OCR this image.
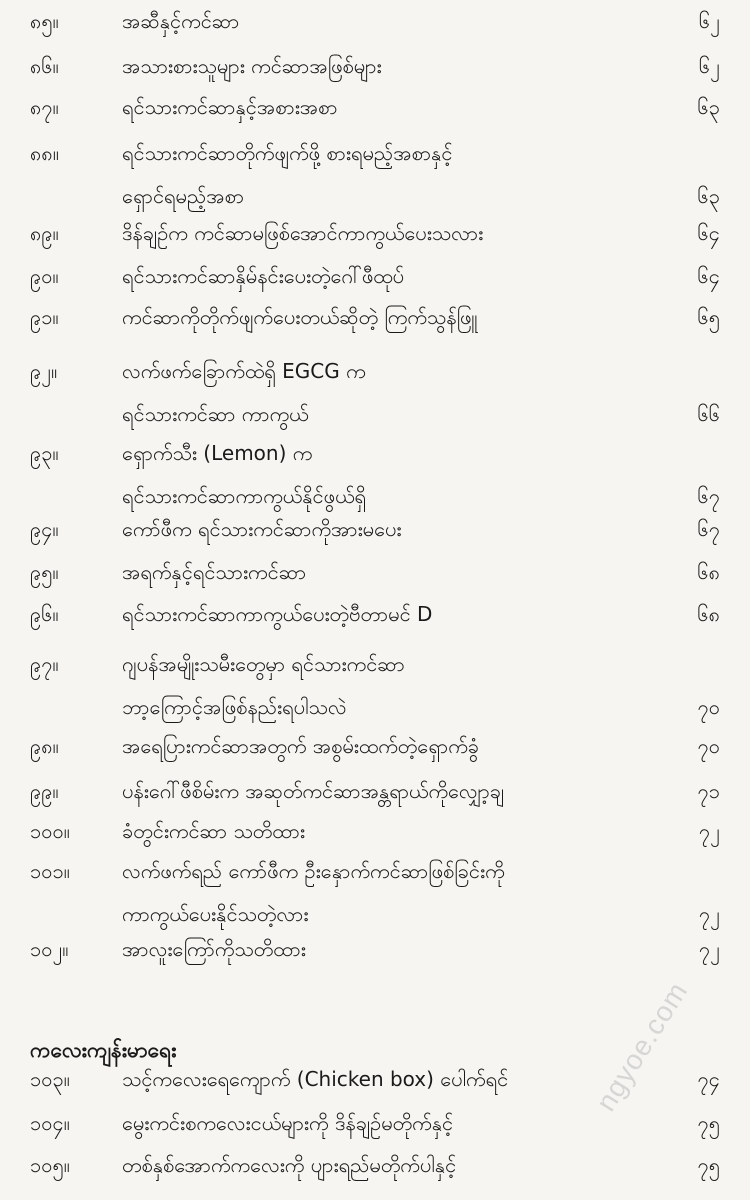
၈၅။	အဆီနှင့်ကင်ဆာ	၆၂
၈၆။	အသားစားသူများ ကင်ဆာအဖြစ်များ	၆၂
၈၇။	ရင်သားကင်ဆာနှင့်အစားအစာ	၆၃
၈၈။	ရင်သားကင်ဆာတိုက်ဖျက်ဖို့ စားရမည့်အစာနှင့်
ရှောင်ရမည့်အစာ	၆၃
၈၉။	ဒိန်ချဉ်က ကင်ဆာမဖြစ်အောင်ကာကွယ်ပေးသလား	၆၄
၉၀။	ရင်သားကင်ဆာနှိမ်နင်းပေးတဲ့ဂေါ်ဖီထုပ်	၆၄
၉၁။	ကင်ဆာကိုတိုက်ဖျက်ပေးတယ်ဆိုတဲ့ ကြက်သွန်ဖြူ	၆၅
၉၂။	လက်ဖက်ခြောက်ထဲရှိ EGCG က
ရင်သားကင်ဆာ ကာကွယ်	၆၆
၉၃။	ရှောက်သီး (Lemon) က
ရင်သားကင်ဆာကာကွယ်နိုင်ဖွယ်ရှိ	၆၇
၉၄။	ကော်ဖီက ရင်သားကင်ဆာကိုအားမပေး	၆၇
၉၅။	အရက်နှင့်ရင်သားကင်ဆာ	၆၈
၉၆။	ရင်သားကင်ဆာကာကွယ်ပေးတဲ့ဗီတာမင် D	၆၈
၉၇။	ဂျပန်အမျိုးသမီးတွေမှာ ရင်သားကင်ဆာ
ဘာ့ကြောင့်အဖြစ်နည်းရပါသလဲ	၇၀
၉၈။	အရေပြားကင်ဆာအတွက် အစွမ်းထက်တဲ့ရှောက်ခွံ	၇၀
၉၉။	ပန်းဂေါ်ဖီစိမ်းက အဆုတ်ကင်ဆာအန္တရာယ်ကိုလျှော့ချ	၇၁
၁၀၀။	ခံတွင်းကင်ဆာ သတိထား	၇၂
၁၀၁။	လက်ဖက်ရည် ကော်ဖီက ဦးနှောက်ကင်ဆာဖြစ်ခြင်းကို
ကာကွယ်ပေးနိုင်သတဲ့လား	၇၂
၁၀၂။	အာလူးကြော်ကိုသတိထား	၇၂
ကလေးကျန်းမာရေး
၁၀၃။	သင့်ကလေးရေကျောက် (Chicken box) ပေါက်ရင်	၇၄
၁၀၄။	မွေးကင်းစကလေးငယ်များကို ဒိန်ချဉ်မတိုက်နှင့်	၇၅
၁၀၅။	တစ်နှစ်အောက်ကလေးကို ပျားရည်မတိုက်ပါနှင့်	၇၅
ngyoe.com
